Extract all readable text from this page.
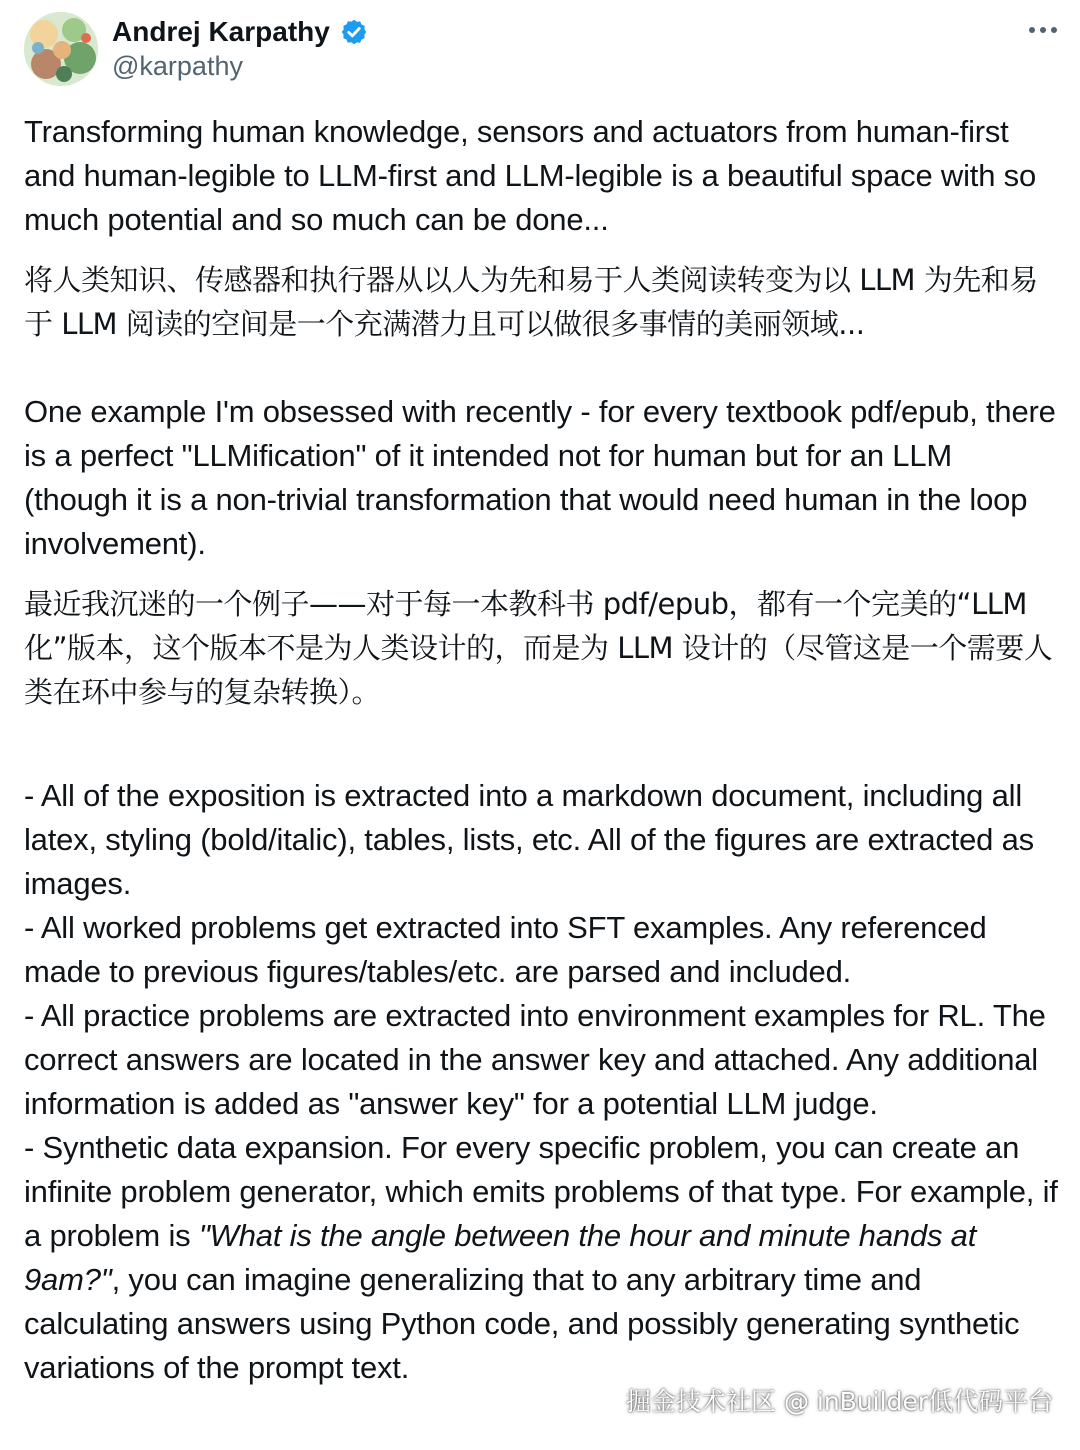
Andrej Karpathy
@karpathy

Transforming human knowledge, sensors and actuators from human-first and human-legible to LLM-first and LLM-legible is a beautiful space with so much potential and so much can be done...

将人类知识、传感器和执行器从以人为先和易于人类阅读转变为以 LLM 为先和易于 LLM 阅读的空间是一个充满潜力且可以做很多事情的美丽领域...

One example I'm obsessed with recently - for every textbook pdf/epub, there is a perfect "LLMification" of it intended not for human but for an LLM (though it is a non-trivial transformation that would need human in the loop involvement).

最近我沉迷的一个例子——对于每一本教科书 pdf/epub，都有一个完美的“LLM 化”版本，这个版本不是为人类设计的，而是为 LLM 设计的（尽管这是一个需要人类在环中参与的复杂转换）。

- All of the exposition is extracted into a markdown document, including all latex, styling (bold/italic), tables, lists, etc. All of the figures are extracted as images.

- All worked problems get extracted into SFT examples. Any referenced made to previous figures/tables/etc. are parsed and included.

- All practice problems are extracted into environment examples for RL. The correct answers are located in the answer key and attached. Any additional information is added as "answer key" for a potential LLM judge.

- Synthetic data expansion. For every specific problem, you can create an infinite problem generator, which emits problems of that type. For example, if a problem is "What is the angle between the hour and minute hands at 9am?", you can imagine generalizing that to any arbitrary time and calculating answers using Python code, and possibly generating synthetic variations of the prompt text.

掘金技术社区 @ inBuilder低代码平台
